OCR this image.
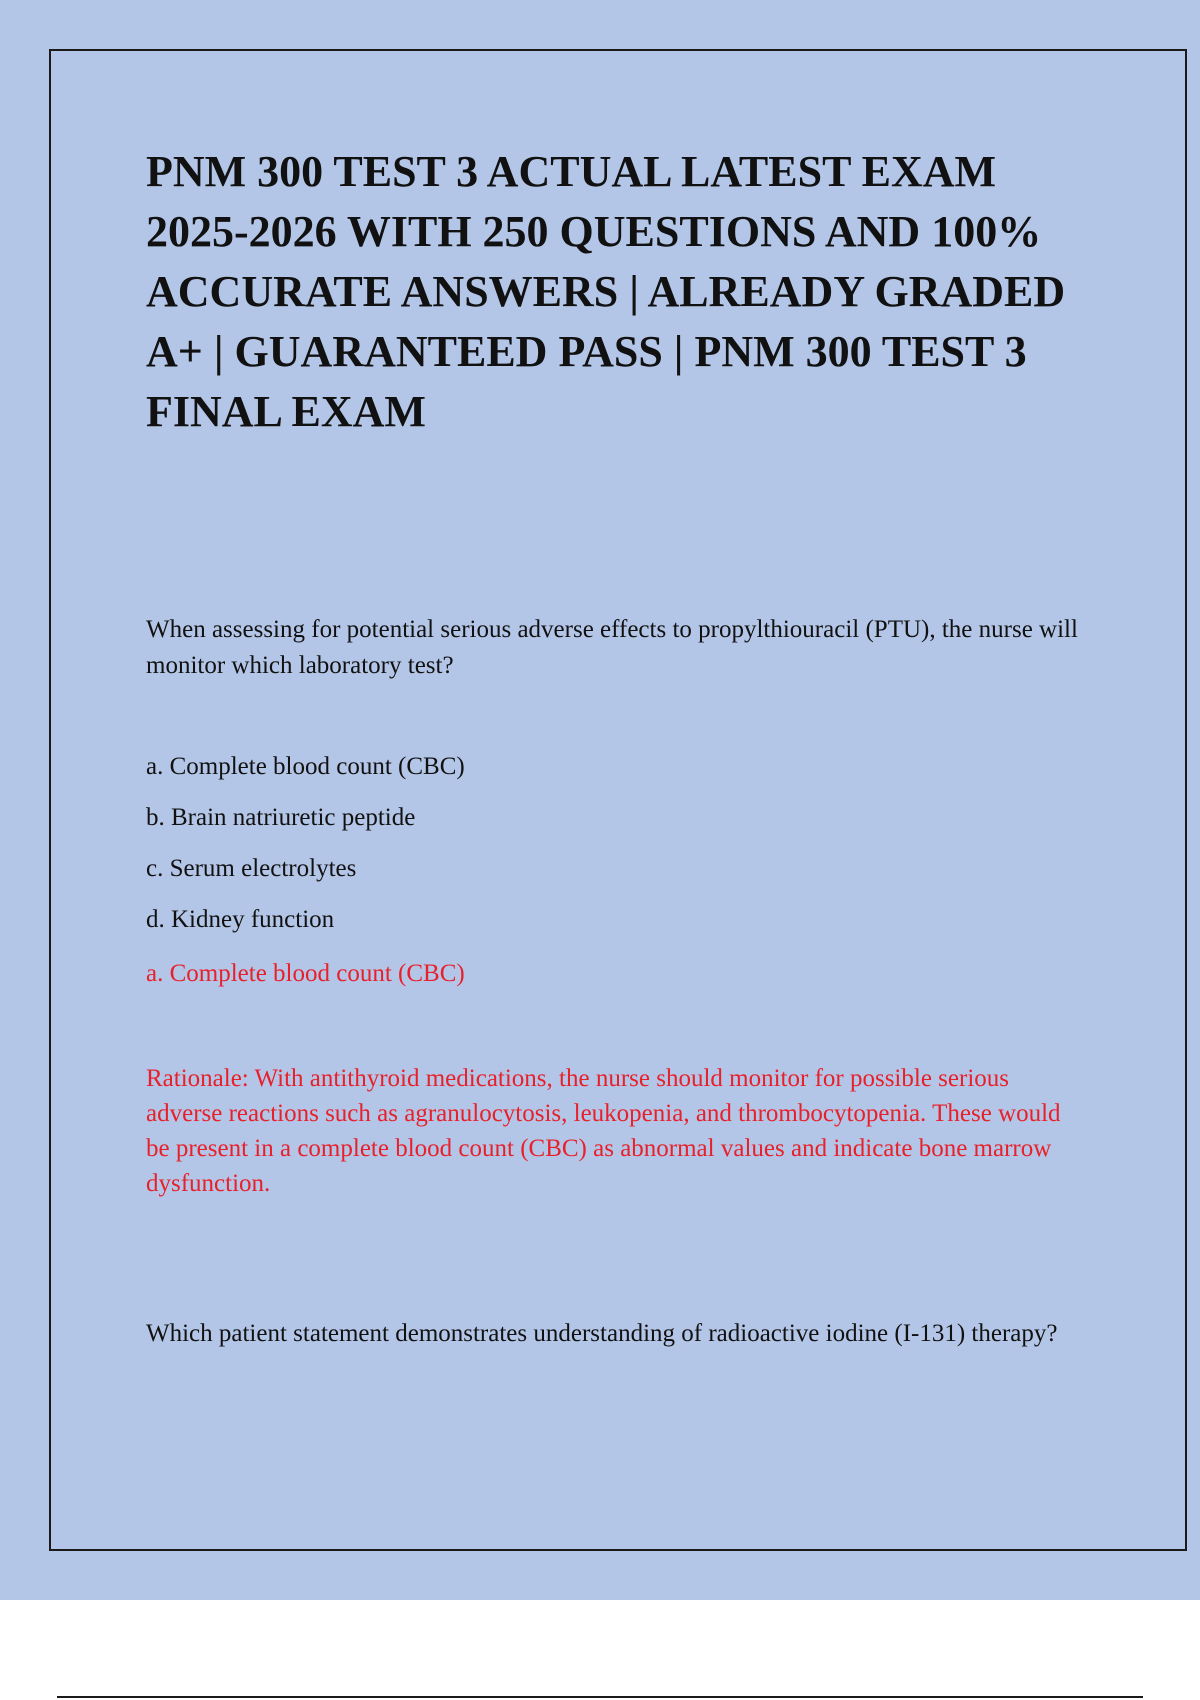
PNM 300 TEST 3 ACTUAL LATEST EXAM 2025-2026 WITH 250 QUESTIONS AND 100% ACCURATE ANSWERS | ALREADY GRADED A+ | GUARANTEED PASS | PNM 300 TEST 3 FINAL EXAM

When assessing for potential serious adverse effects to propylthiouracil (PTU), the nurse will monitor which laboratory test?

a. Complete blood count (CBC)
b. Brain natriuretic peptide
c. Serum electrolytes
d. Kidney function

a. Complete blood count (CBC)

Rationale: With antithyroid medications, the nurse should monitor for possible serious adverse reactions such as agranulocytosis, leukopenia, and thrombocytopenia. These would be present in a complete blood count (CBC) as abnormal values and indicate bone marrow dysfunction.

Which patient statement demonstrates understanding of radioactive iodine (I-131) therapy?
